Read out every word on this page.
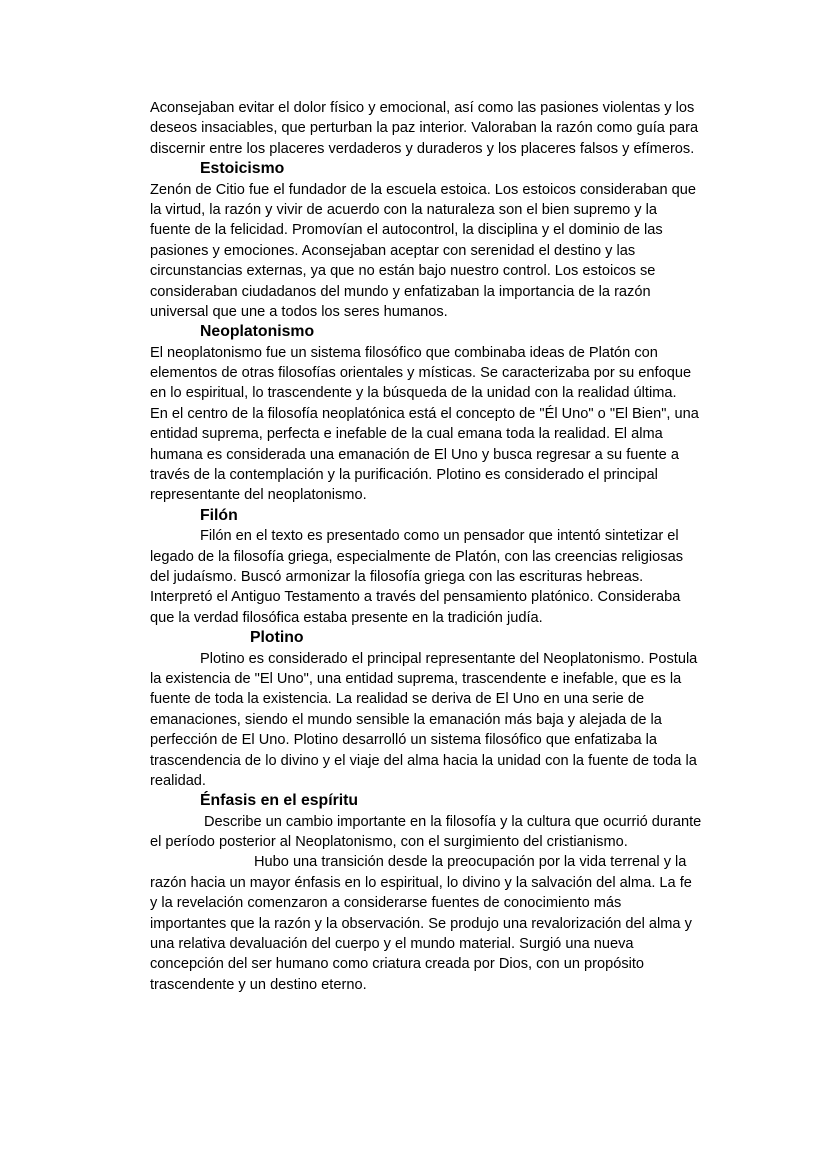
Aconsejaban evitar el dolor físico y emocional, así como las pasiones violentas y los
deseos insaciables, que perturban la paz interior. Valoraban la razón como guía para
discernir entre los placeres verdaderos y duraderos y los placeres falsos y efímeros.
Estoicismo
Zenón de Citio fue el fundador de la escuela estoica. Los estoicos consideraban que
la virtud, la razón y vivir de acuerdo con la naturaleza son el bien supremo y la
fuente de la felicidad. Promovían el autocontrol, la disciplina y el dominio de las
pasiones y emociones. Aconsejaban aceptar con serenidad el destino y las
circunstancias externas, ya que no están bajo nuestro control. Los estoicos se
consideraban ciudadanos del mundo y enfatizaban la importancia de la razón
universal que une a todos los seres humanos.
Neoplatonismo
El neoplatonismo fue un sistema filosófico que combinaba ideas de Platón con
elementos de otras filosofías orientales y místicas. Se caracterizaba por su enfoque
en lo espiritual, lo trascendente y la búsqueda de la unidad con la realidad última.
En el centro de la filosofía neoplatónica está el concepto de "Él Uno" o "El Bien", una
entidad suprema, perfecta e inefable de la cual emana toda la realidad. El alma
humana es considerada una emanación de El Uno y busca regresar a su fuente a
través de la contemplación y la purificación. Plotino es considerado el principal
representante del neoplatonismo.
Filón
Filón en el texto es presentado como un pensador que intentó sintetizar el
legado de la filosofía griega, especialmente de Platón, con las creencias religiosas
del judaísmo. Buscó armonizar la filosofía griega con las escrituras hebreas.
Interpretó el Antiguo Testamento a través del pensamiento platónico. Consideraba
que la verdad filosófica estaba presente en la tradición judía.
Plotino
Plotino es considerado el principal representante del Neoplatonismo. Postula
la existencia de "El Uno", una entidad suprema, trascendente e inefable, que es la
fuente de toda la existencia. La realidad se deriva de El Uno en una serie de
emanaciones, siendo el mundo sensible la emanación más baja y alejada de la
perfección de El Uno. Plotino desarrolló un sistema filosófico que enfatizaba la
trascendencia de lo divino y el viaje del alma hacia la unidad con la fuente de toda la
realidad.
Énfasis en el espíritu
Describe un cambio importante en la filosofía y la cultura que ocurrió durante
el período posterior al Neoplatonismo, con el surgimiento del cristianismo.
Hubo una transición desde la preocupación por la vida terrenal y la
razón hacia un mayor énfasis en lo espiritual, lo divino y la salvación del alma. La fe
y la revelación comenzaron a considerarse fuentes de conocimiento más
importantes que la razón y la observación. Se produjo una revalorización del alma y
una relativa devaluación del cuerpo y el mundo material. Surgió una nueva
concepción del ser humano como criatura creada por Dios, con un propósito
trascendente y un destino eterno.
